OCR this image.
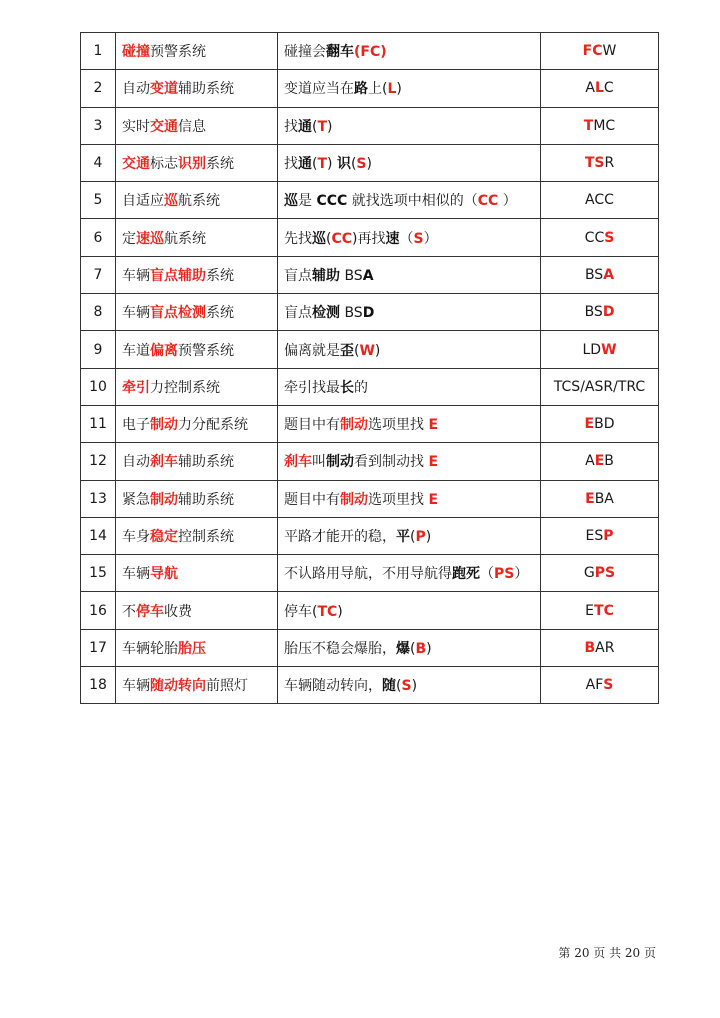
1	碰撞预警系统	碰撞会翻车(FC)	FCW
2	自动变道辅助系统	变道应当在路上(L)	ALC
3	实时交通信息	找通(T)	TMC
4	交通标志识别系统	找通(T) 识(S)	TSR
5	自适应巡航系统	巡是 CCC 就找选项中相似的（CC ）	ACC
6	定速巡航系统	先找巡(CC)再找速（S）	CCS
7	车辆盲点辅助系统	盲点辅助 BSA	BSA
8	车辆盲点检测系统	盲点检测 BSD	BSD
9	车道偏离预警系统	偏离就是歪(W)	LDW
10	牵引力控制系统	牵引找最长的	TCS/ASR/TRC
11	电子制动力分配系统	题目中有制动选项里找 E	EBD
12	自动刹车辅助系统	刹车叫制动看到制动找 E	AEB
13	紧急制动辅助系统	题目中有制动选项里找 E	EBA
14	车身稳定控制系统	平路才能开的稳，平(P)	ESP
15	车辆导航	不认路用导航，不用导航得跑死（PS）	GPS
16	不停车收费	停车(TC)	ETC
17	车辆轮胎胎压	胎压不稳会爆胎，爆(B)	BAR
18	车辆随动转向前照灯	车辆随动转向，随(S)	AFS
第 20 页 共 20 页
